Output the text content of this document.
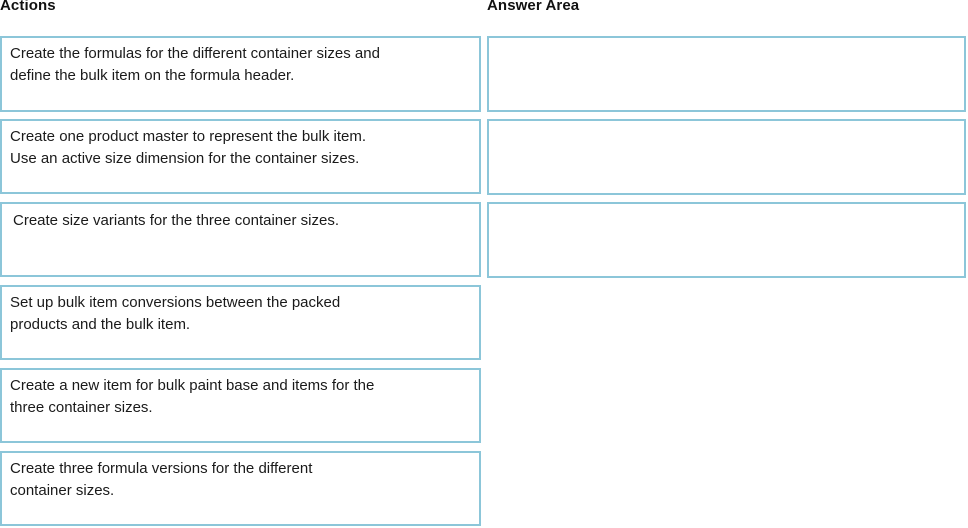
Actions	Answer Area
Create the formulas for the different container sizes and
define the bulk item on the formula header.
Create one product master to represent the bulk item.
Use an active size dimension for the container sizes.
Create size variants for the three container sizes.
Set up bulk item conversions between the packed
products and the bulk item.
Create a new item for bulk paint base and items for the
three container sizes.
Create three formula versions for the different
container sizes.
